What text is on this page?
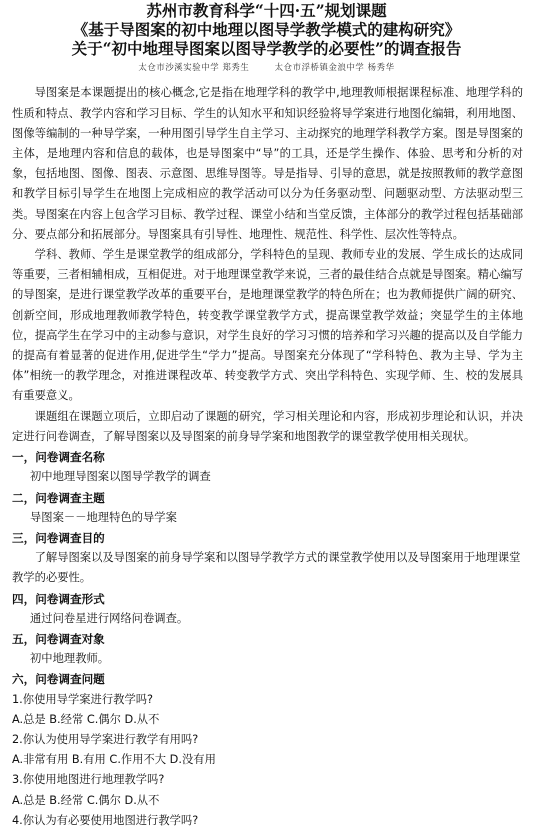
苏州市教育科学“十四·五”规划课题
《基于导图案的初中地理以图导学教学模式的建构研究》
关于“初中地理导图案以图导学教学的必要性”的调查报告
太仓市沙溪实验中学 郑秀生	太仓市浮桥镇金浪中学 杨秀华

导图案是本课题提出的核心概念,它是指在地理学科的教学中,地理教师根据课程标准、地理学科的性质和特点、教学内容和学习目标、学生的认知水平和知识经验将导学案进行地图化编辑，利用地图、图像等编制的一种导学案，一种用图引导学生自主学习、主动探究的地理学科教学方案。图是导图案的主体，是地理内容和信息的载体，也是导图案中“导”的工具，还是学生操作、体验、思考和分析的对象，包括地图、图像、图表、示意图、思维导图等。导是指导、引导的意思，就是按照教师的教学意图和教学目标引导学生在地图上完成相应的教学活动可以分为任务驱动型、问题驱动型、方法驱动型三类。导图案在内容上包含学习目标、教学过程、课堂小结和当堂反馈，主体部分的教学过程包括基础部分、要点部分和拓展部分。导图案具有引导性、地理性、规范性、科学性、层次性等特点。

学科、教师、学生是课堂教学的组成部分，学科特色的呈现、教师专业的发展、学生成长的达成同等重要，三者相辅相成，互相促进。对于地理课堂教学来说，三者的最佳结合点就是导图案。精心编写的导图案，是进行课堂教学改革的重要平台，是地理课堂教学的特色所在；也为教师提供广阔的研究、创新空间，形成地理教师教学特色，转变教学课堂教学方式，提高课堂教学效益；突显学生的主体地位，提高学生在学习中的主动参与意识，对学生良好的学习习惯的培养和学习兴趣的提高以及自学能力的提高有着显著的促进作用,促进学生“学力”提高。导图案充分体现了“学科特色、教为主导、学为主体”相统一的教学理念，对推进课程改革、转变教学方式、突出学科特色、实现学师、生、校的发展具有重要意义。

课题组在课题立项后，立即启动了课题的研究，学习相关理论和内容，形成初步理论和认识，并决定进行问卷调查，了解导图案以及导图案的前身导学案和地图教学的课堂教学使用相关现状。

一，问卷调查名称

初中地理导图案以图导学教学的调查

二，问卷调查主题

导图案－－地理特色的导学案

三，问卷调查目的

了解导图案以及导图案的前身导学案和以图导学教学方式的课堂教学使用以及导图案用于地理课堂教学的必要性。

四，问卷调查形式

通过问卷星进行网络问卷调查。

五，问卷调查对象

初中地理教师。

六，问卷调查问题

1.你使用导学案进行教学吗?

A.总是 B.经常 C.偶尔 D.从不

2.你认为使用导学案进行教学有用吗?

A.非常有用 B.有用 C.作用不大 D.没有用

3.你使用地图进行地理教学吗?

A.总是 B.经常 C.偶尔 D.从不

4.你认为有必要使用地图进行教学吗?
